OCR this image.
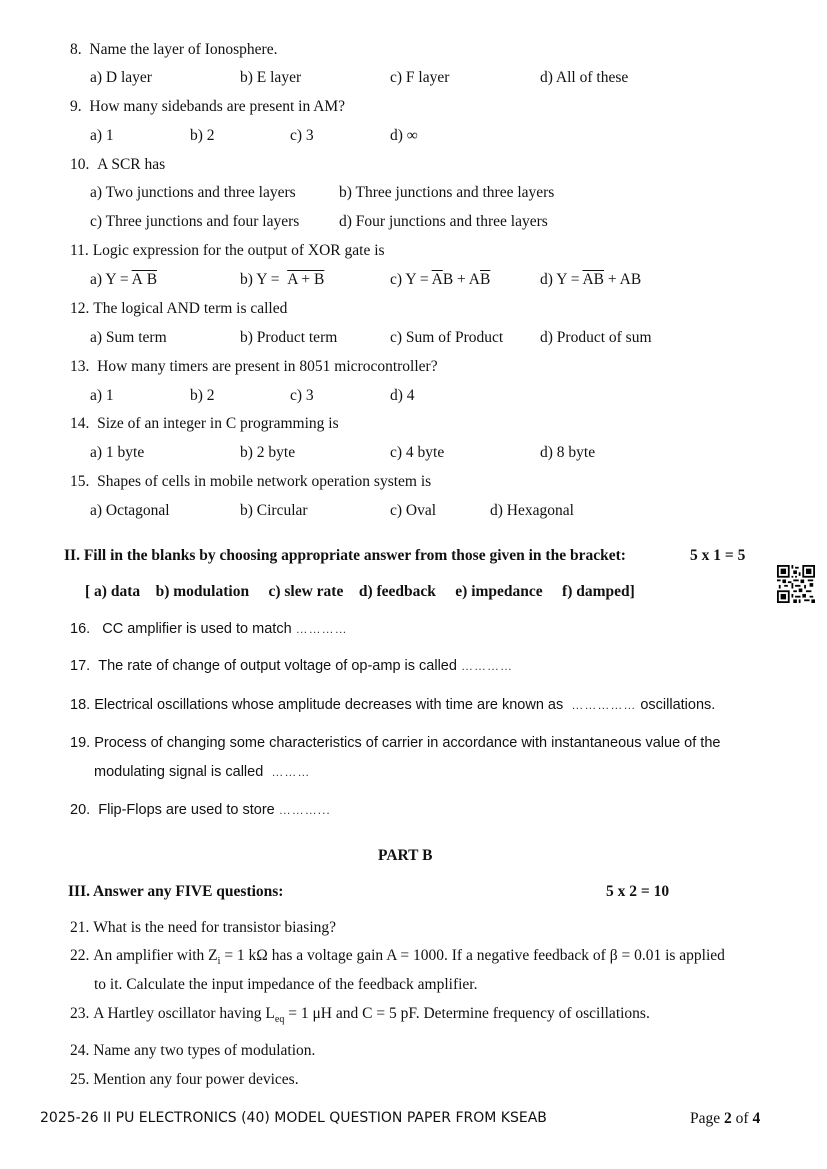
8. Name the layer of Ionosphere.
a) D layer	b) E layer	c) F layer	d) All of these
9. How many sidebands are present in AM?
a) 1	b) 2	c) 3	d) ∞
10. A SCR has
a) Two junctions and three layers	b) Three junctions and three layers
c) Three junctions and four layers	d) Four junctions and three layers
11. Logic expression for the output of XOR gate is
a) Y = A B	b) Y =  A + B	c) $Y = \overline{A}B + A\overline{B}$	d) $Y = \overline{AB}$ + AB
12. The logical AND term is called
a) Sum term	b) Product term	c) Sum of Product d) Product of sum
13. How many timers are present in 8051 microcontroller?
a) 1	b) 2	c) 3	d) 4
14. Size of an integer in C programming is
a) 1 byte	b) 2 byte	c) 4 byte	d) 8 byte
15. Shapes of cells in mobile network operation system is
a) Octagonal	b) Circular	c) Oval	d) Hexagonal
II. Fill in the blanks by choosing appropriate answer from those given in the bracket:	5 x 1 = 5
[ a) data b) modulation c) slew rate d) feedback e) impedance f) damped]
16. CC amplifier is used to match …………
17. The rate of change of output voltage of op-amp is called …………
18. Electrical oscillations whose amplitude decreases with time are known as …………… oscillations.
19. Process of changing some characteristics of carrier in accordance with instantaneous value of the
modulating signal is called ………
20. Flip-Flops are used to store ………...
PART B
III. Answer any FIVE questions:	5 x 2 = 10
21. What is the need for transistor biasing?
22. An amplifier with $Z_i = 1$ kΩ has a voltage gain A = 1000. If a negative feedback of β = 0.01 is applied
to it. Calculate the input impedance of the feedback amplifier.
23. A Hartley oscillator having $L_{eq} = 1$ μH and C = 5 pF. Determine frequency of oscillations.
24. Name any two types of modulation.
25. Mention any four power devices.
2025-26 II PU ELECTRONICS (40) MODEL QUESTION PAPER FROM KSEAB	Page 2 of 4
